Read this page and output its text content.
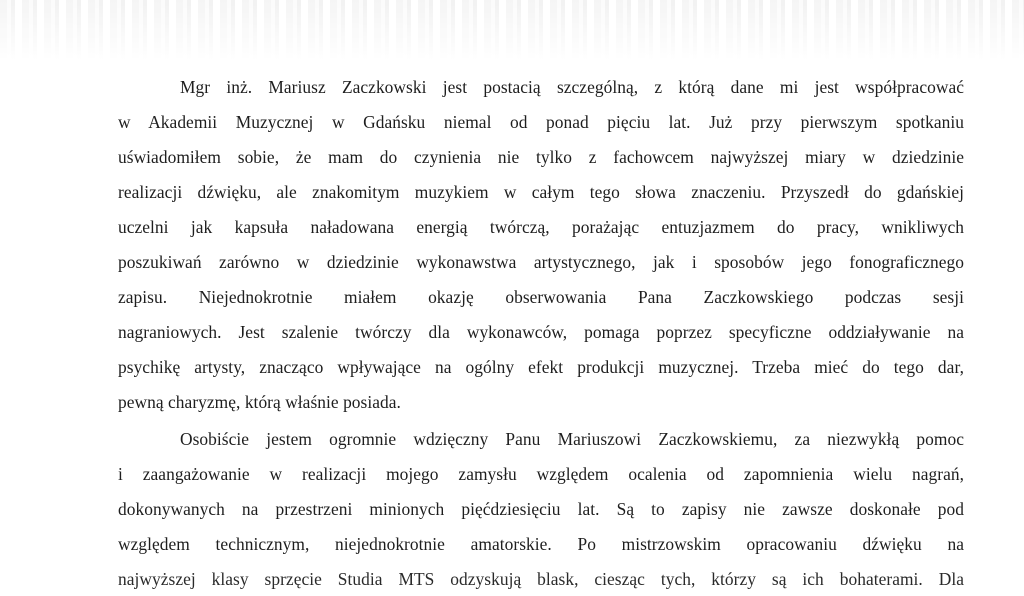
Mgr inż. Mariusz Zaczkowski jest postacią szczególną, z którą dane mi jest współpracować
w Akademii Muzycznej w Gdańsku niemal od ponad pięciu lat. Już przy pierwszym spotkaniu
uświadomiłem sobie, że mam do czynienia nie tylko z fachowcem najwyższej miary w dziedzinie
realizacji dźwięku, ale znakomitym muzykiem w całym tego słowa znaczeniu. Przyszedł do gdańskiej
uczelni jak kapsuła naładowana energią twórczą, porażając entuzjazmem do pracy, wnikliwych
poszukiwań zarówno w dziedzinie wykonawstwa artystycznego, jak i sposobów jego fonograficznego
zapisu. Niejednokrotnie miałem okazję obserwowania Pana Zaczkowskiego podczas sesji
nagraniowych. Jest szalenie twórczy dla wykonawców, pomaga poprzez specyficzne oddziaływanie na
psychikę artysty, znacząco wpływające na ogólny efekt produkcji muzycznej. Trzeba mieć do tego dar,
pewną charyzmę, którą właśnie posiada.
Osobiście jestem ogromnie wdzięczny Panu Mariuszowi Zaczkowskiemu, za niezwykłą pomoc
i zaangażowanie w realizacji mojego zamysłu względem ocalenia od zapomnienia wielu nagrań,
dokonywanych na przestrzeni minionych pięćdziesięciu lat. Są to zapisy nie zawsze doskonałe pod
względem technicznym, niejednokrotnie amatorskie. Po mistrzowskim opracowaniu dźwięku na
najwyższej klasy sprzęcie Studia MTS odzyskują blask, ciesząc tych, którzy są ich bohaterami. Dla
